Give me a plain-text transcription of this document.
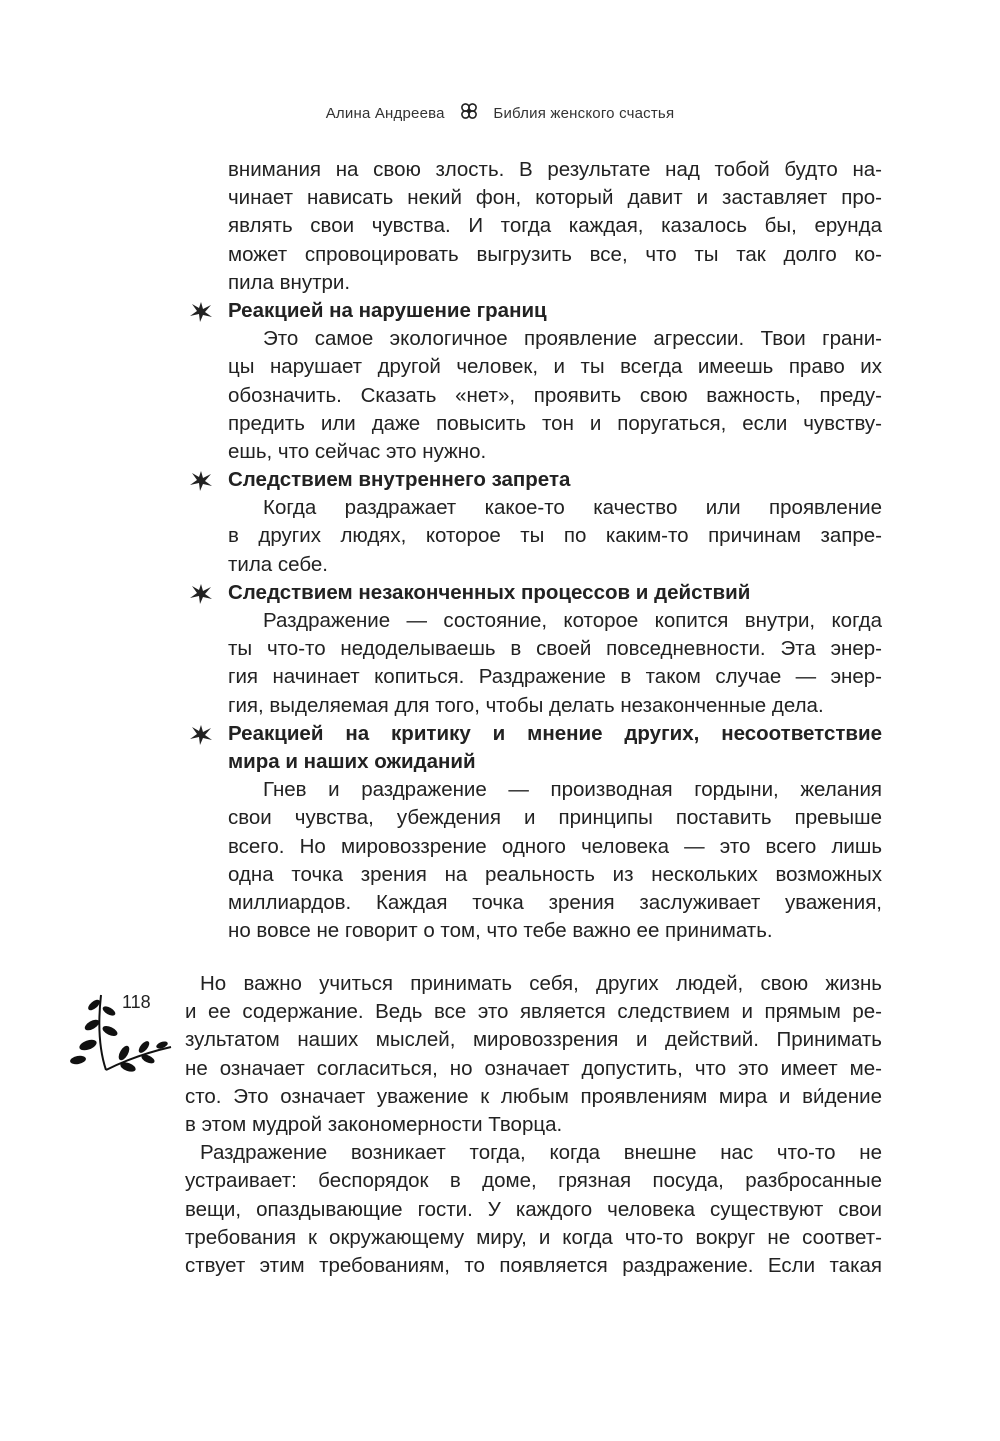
Алина Андреева	Библия женского счастья
внимания на свою злость. В результате над тобой будто на-
чинает нависать некий фон, который давит и заставляет про-
являть свои чувства. И тогда каждая, казалось бы, ерунда
может спровоцировать выгрузить все, что ты так долго ко-
пила внутри.
Реакцией на нарушение границ
Это самое экологичное проявление агрессии. Твои грани-
цы нарушает другой человек, и ты всегда имеешь право их
обозначить. Сказать «нет», проявить свою важность, преду-
предить или даже повысить тон и поругаться, если чувству-
ешь, что сейчас это нужно.
Следствием внутреннего запрета
Когда раздражает какое-то качество или проявление
в других людях, которое ты по каким-то причинам запре-
тила себе.
Следствием незаконченных процессов и действий
Раздражение — состояние, которое копится внутри, когда
ты что-то недоделываешь в своей повседневности. Эта энер-
гия начинает копиться. Раздражение в таком случае — энер-
гия, выделяемая для того, чтобы делать незаконченные дела.
Реакцией на критику и мнение других, несоответствие
мира и наших ожиданий
Гнев и раздражение — производная гордыни, желания
свои чувства, убеждения и принципы поставить превыше
всего. Но мировоззрение одного человека — это всего лишь
одна точка зрения на реальность из нескольких возможных
миллиардов. Каждая точка зрения заслуживает уважения,
но вовсе не говорит о том, что тебе важно ее принимать.
Но важно учиться принимать себя, других людей, свою жизнь
и ее содержание. Ведь все это является следствием и прямым ре-
зультатом наших мыслей, мировоззрения и действий. Принимать
не означает согласиться, но означает допустить, что это имеет ме-
сто. Это означает уважение к любым проявлениям мира и ви́дение
в этом мудрой закономерности Творца.
Раздражение возникает тогда, когда внешне нас что-то не
устраивает: беспорядок в доме, грязная посуда, разбросанные
вещи, опаздывающие гости. У каждого человека существуют свои
требования к окружающему миру, и когда что-то вокруг не соответ-
ствует этим требованиям, то появляется раздражение. Если такая
118
